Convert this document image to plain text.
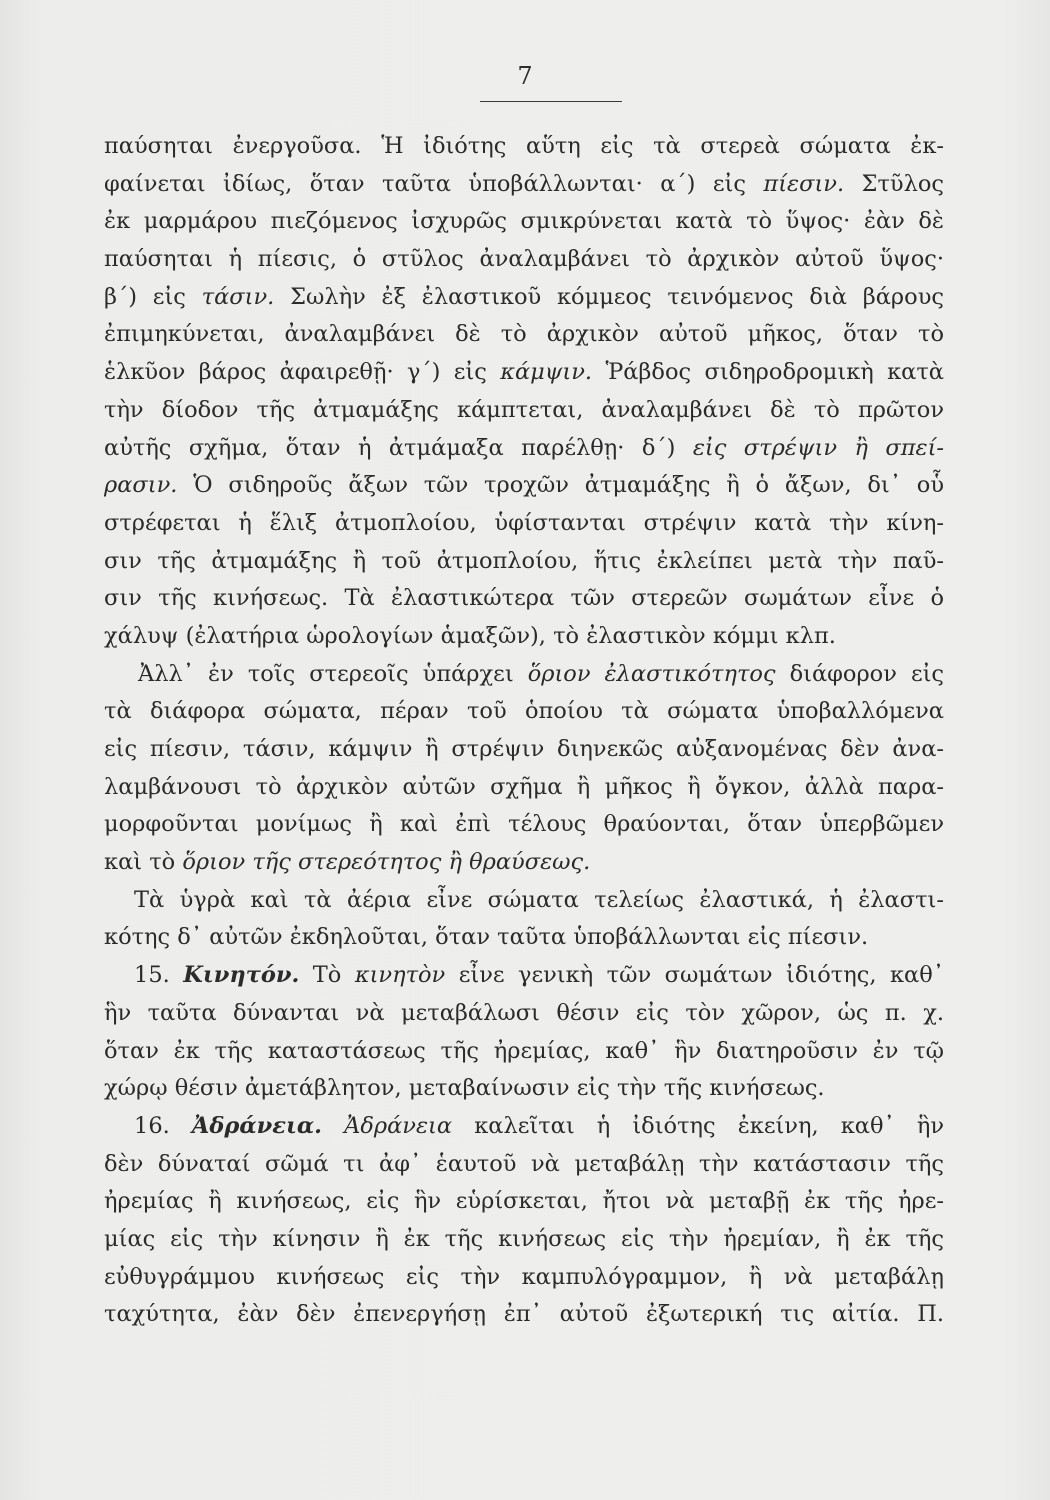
7
παύσηται ἐνεργοῦσα. Ἡ ἰδιότης αὕτη εἰς τὰ στερεὰ σώματα ἐκ-
φαίνεται ἰδίως, ὅταν ταῦτα ὑποβάλλωνται· α´) εἰς πίεσιν. Στῦλος
ἐκ μαρμάρου πιεζόμενος ἰσχυρῶς σμικρύνεται κατὰ τὸ ὕψος· ἐὰν δὲ
παύσηται ἡ πίεσις, ὁ στῦλος ἀναλαμβάνει τὸ ἀρχικὸν αὐτοῦ ὕψος·
β´) εἰς τάσιν. Σωλὴν ἐξ ἐλαστικοῦ κόμμεος τεινόμενος διὰ βάρους
ἐπιμηκύνεται, ἀναλαμβάνει δὲ τὸ ἀρχικὸν αὐτοῦ μῆκος, ὅταν τὸ
ἑλκῦον βάρος ἀφαιρεθῇ· γ´) εἰς κάμψιν. Ῥάβδος σιδηροδρομικὴ κατὰ
τὴν δίοδον τῆς ἀτμαμάξης κάμπτεται, ἀναλαμβάνει δὲ τὸ πρῶτον
αὐτῆς σχῆμα, ὅταν ἡ ἀτμάμαξα παρέλθῃ· δ´) εἰς στρέψιν ἢ σπεί-
ρασιν. Ὁ σιδηροῦς ἄξων τῶν τροχῶν ἀτμαμάξης ἢ ὁ ἄξων, δι᾽ οὗ
στρέφεται ἡ ἕλιξ ἀτμοπλοίου, ὑφίστανται στρέψιν κατὰ τὴν κίνη-
σιν τῆς ἀτμαμάξης ἢ τοῦ ἀτμοπλοίου, ἥτις ἐκλείπει μετὰ τὴν παῦ-
σιν τῆς κινήσεως. Τὰ ἐλαστικώτερα τῶν στερεῶν σωμάτων εἶνε ὁ
χάλυψ (ἐλατήρια ὡρολογίων ἁμαξῶν), τὸ ἐλαστικὸν κόμμι κλπ.
Ἀλλ᾽ ἐν τοῖς στερεοῖς ὑπάρχει ὅριον ἐλαστικότητος διάφορον εἰς
τὰ διάφορα σώματα, πέραν τοῦ ὁποίου τὰ σώματα ὑποβαλλόμενα
εἰς πίεσιν, τάσιν, κάμψιν ἢ στρέψιν διηνεκῶς αὐξανομένας δὲν ἀνα-
λαμβάνουσι τὸ ἀρχικὸν αὐτῶν σχῆμα ἢ μῆκος ἢ ὄγκον, ἀλλὰ παρα-
μορφοῦνται μονίμως ἢ καὶ ἐπὶ τέλους θραύονται, ὅταν ὑπερβῶμεν
καὶ τὸ ὅριον τῆς στερεότητος ἢ θραύσεως.
Τὰ ὑγρὰ καὶ τὰ ἀέρια εἶνε σώματα τελείως ἐλαστικά, ἡ ἐλαστι-
κότης δ᾽ αὐτῶν ἐκδηλοῦται, ὅταν ταῦτα ὑποβάλλωνται εἰς πίεσιν.
15. Κινητόν. Τὸ κινητὸν εἶνε γενικὴ τῶν σωμάτων ἰδιότης, καθ᾽
ἣν ταῦτα δύνανται νὰ μεταβάλωσι θέσιν εἰς τὸν χῶρον, ὡς π. χ.
ὅταν ἐκ τῆς καταστάσεως τῆς ἠρεμίας, καθ᾽ ἣν διατηροῦσιν ἐν τῷ
χώρῳ θέσιν ἀμετάβλητον, μεταβαίνωσιν εἰς τὴν τῆς κινήσεως.
16. Ἀδράνεια. Ἀδράνεια καλεῖται ἡ ἰδιότης ἐκείνη, καθ᾽ ἣν
δὲν δύναταί σῶμά τι ἀφ᾽ ἑαυτοῦ νὰ μεταβάλῃ τὴν κατάστασιν τῆς
ἠρεμίας ἢ κινήσεως, εἰς ἣν εὑρίσκεται, ἤτοι νὰ μεταβῇ ἐκ τῆς ἠρε-
μίας εἰς τὴν κίνησιν ἢ ἐκ τῆς κινήσεως εἰς τὴν ἠρεμίαν, ἢ ἐκ τῆς
εὐθυγράμμου κινήσεως εἰς τὴν καμπυλόγραμμον, ἢ νὰ μεταβάλῃ
ταχύτητα, ἐὰν δὲν ἐπενεργήσῃ ἐπ᾽ αὐτοῦ ἐξωτερική τις αἰτία. Π.
